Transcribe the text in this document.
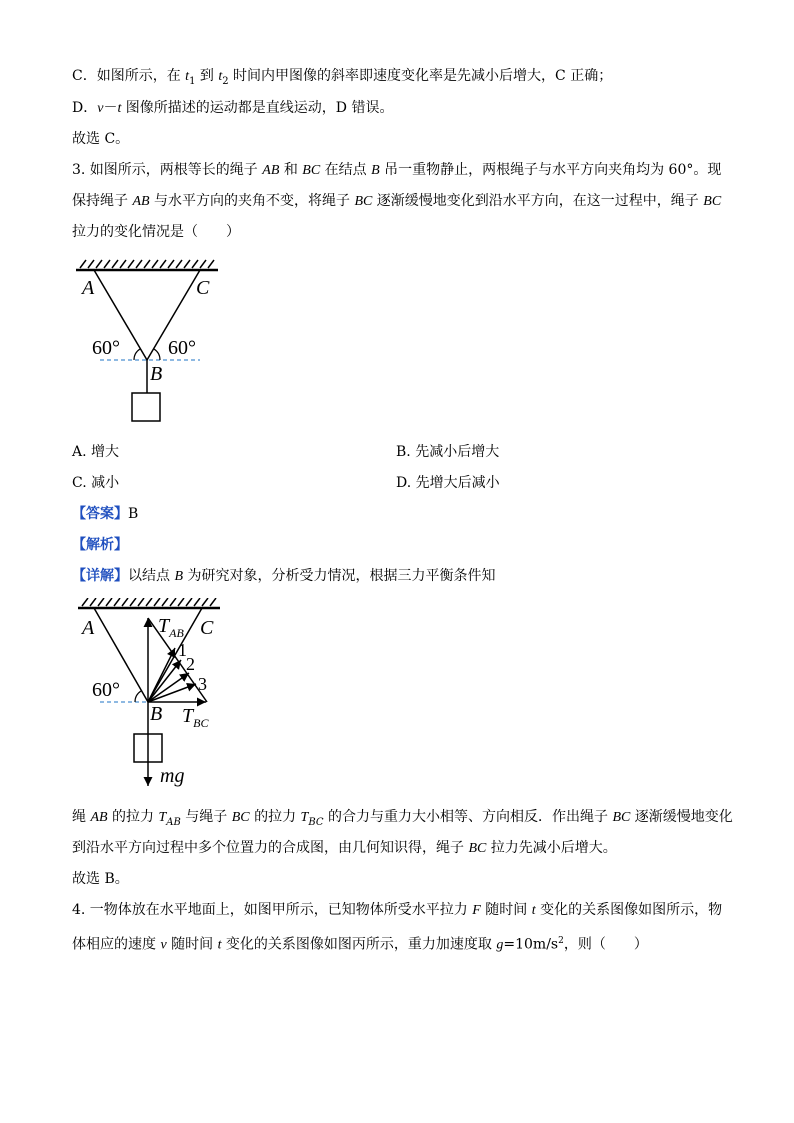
C．如图所示，在 $t_1$ 到 $t_2$ 时间内甲图像的斜率即速度变化率是先减小后增大，C 正确；
D．v－t 图像所描述的运动都是直线运动，D 错误。
故选 C。
3. 如图所示，两根等长的绳子 AB 和 BC 在结点 B 吊一重物静止，两根绳子与水平方向夹角均为 60°。现
保持绳子 AB 与水平方向的夹角不变，将绳子 BC 逐渐缓慢地变化到沿水平方向，在这一过程中，绳子 BC
拉力的变化情况是（　　）
A	C
B
60° 60°
A. 增大	B. 先减小后增大
C. 减小	D. 先增大后减小
【答案】B
【解析】
【详解】以结点 B 为研究对象，分析受力情况，根据三力平衡条件知
A	C
B
60°
$T_{AB}$
1
2
3
$T_{BC}$
mg
绳 AB 的拉力 $T_{AB}$ 与绳子 BC 的拉力 $T_{BC}$ 的合力与重力大小相等、方向相反．作出绳子 BC 逐渐缓慢地变化
到沿水平方向过程中多个位置力的合成图，由几何知识得，绳子 BC 拉力先减小后增大。
故选 B。
4. 一物体放在水平地面上，如图甲所示，已知物体所受水平拉力 F 随时间 t 变化的关系图像如图所示，物
体相应的速度 v 随时间 t 变化的关系图像如图丙所示，重力加速度取 $g=10m/s^2$，则（　　）
